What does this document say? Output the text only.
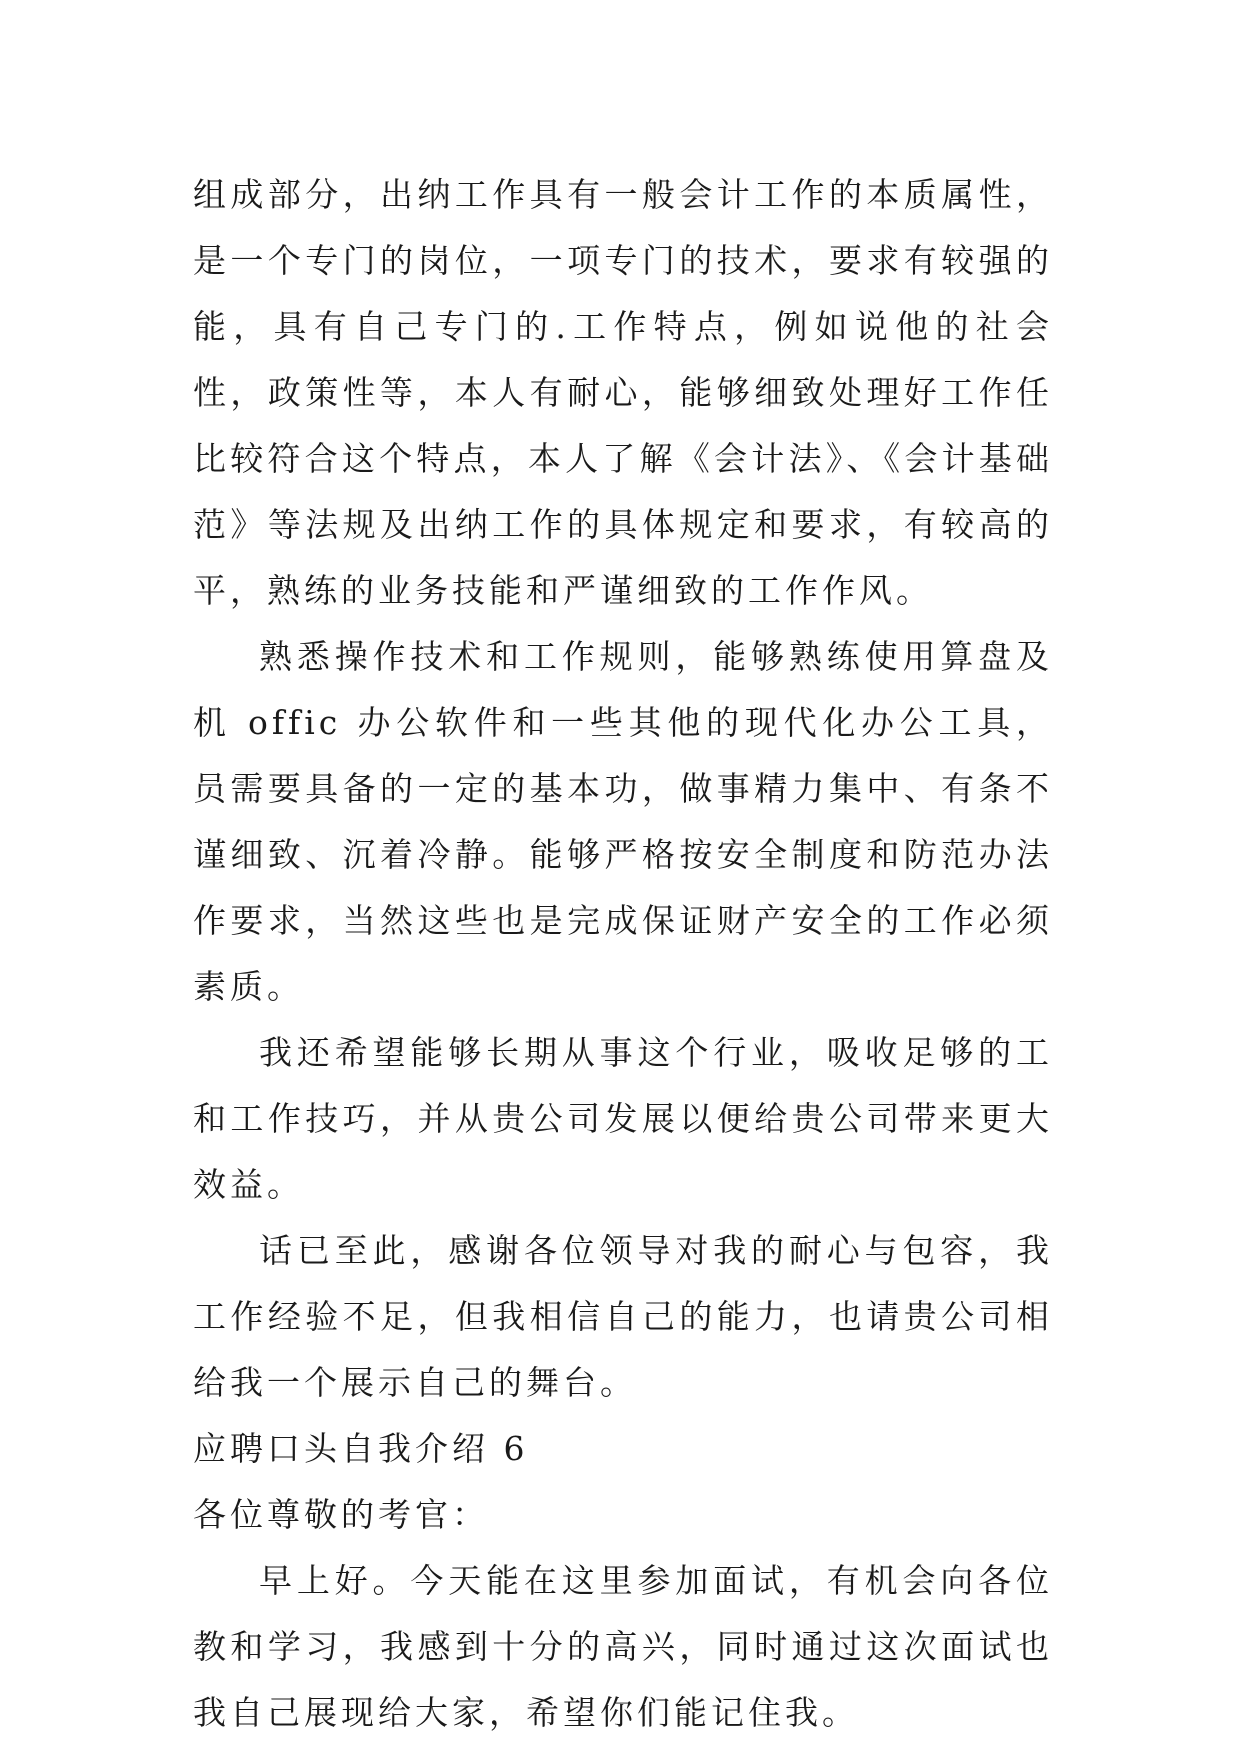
组成部分，出纳工作具有一般会计工作的本质属性，
是一个专门的岗位，一项专门的技术，要求有较强的
能，具有自己专门的.工作特点，例如说他的社会
性，政策性等，本人有耐心，能够细致处理好工作任
比较符合这个特点，本人了解《会计法》、《会计基础
范》等法规及出纳工作的具体规定和要求，有较高的
平，熟练的业务技能和严谨细致的工作作风。
熟悉操作技术和工作规则，能够熟练使用算盘及
机 offic 办公软件和一些其他的现代化办公工具，
员需要具备的一定的基本功，做事精力集中、有条不
谨细致、沉着冷静。能够严格按安全制度和防范办法
作要求，当然这些也是完成保证财产安全的工作必须
素质。
我还希望能够长期从事这个行业，吸收足够的工
和工作技巧，并从贵公司发展以便给贵公司带来更大
效益。
话已至此，感谢各位领导对我的耐心与包容，我
工作经验不足，但我相信自己的能力，也请贵公司相
给我一个展示自己的舞台。
应聘口头自我介绍 6
各位尊敬的考官：
早上好。今天能在这里参加面试，有机会向各位
教和学习，我感到十分的高兴，同时通过这次面试也
我自己展现给大家，希望你们能记住我。
